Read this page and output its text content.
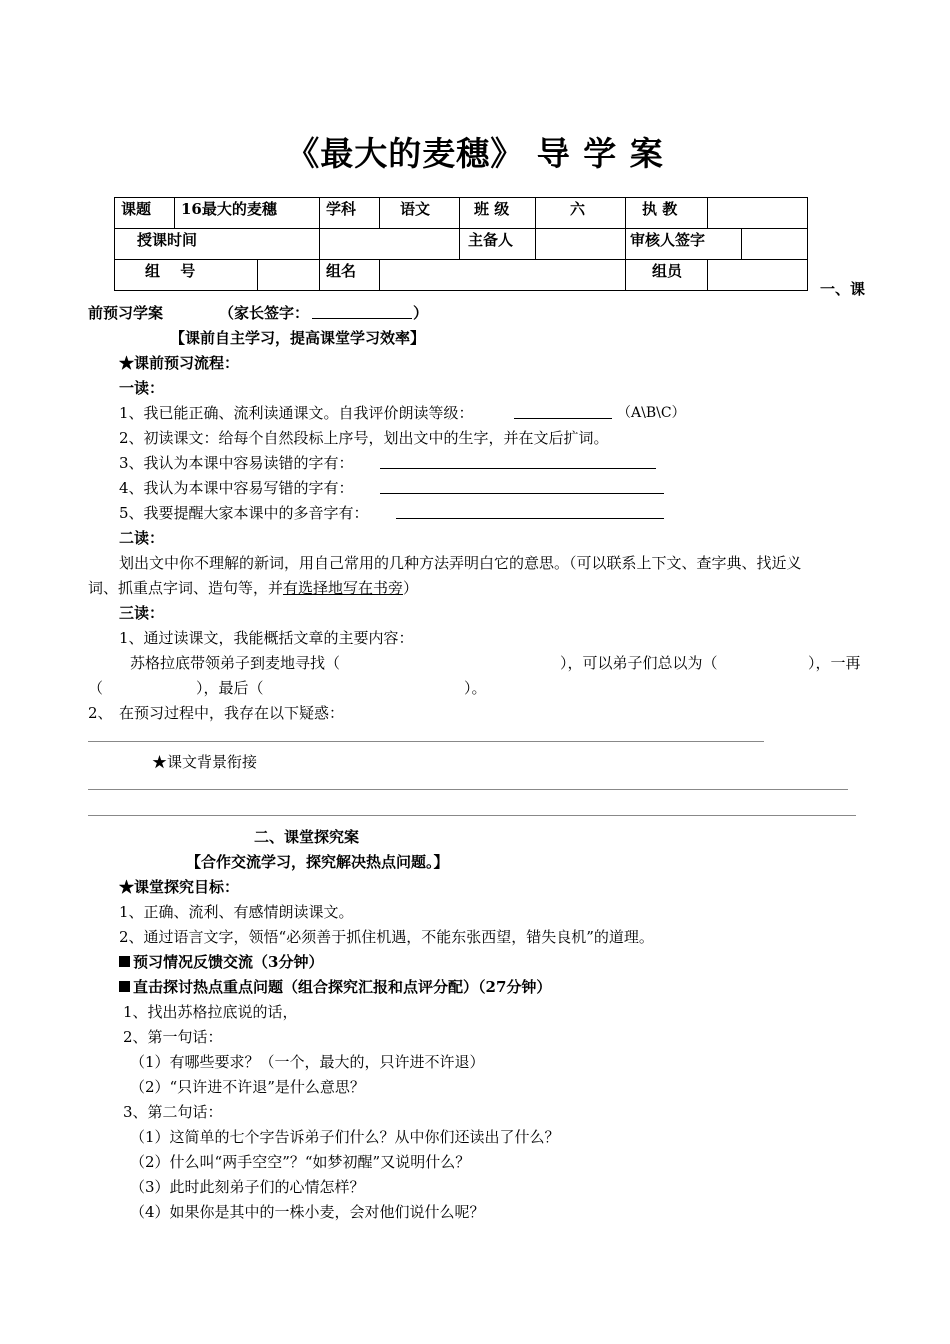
《最大的麦穗》 导 学 案
课题	16最大的麦穗	学科	语文	班 级	六	执 教	
授课时间				主备人		审核人签字	

组　 号		组名				组员	
一、课
前预习学案	（家长签字：	）
【课前自主学习，提高课堂学习效率】
★课前预习流程：
一读：
1、我已能正确、流利读通课文。自我评价朗读等级：	（A\B\C）
2、初读课文：给每个自然段标上序号，划出文中的生字，并在文后扩词。
3、我认为本课中容易读错的字有：
4、我认为本课中容易写错的字有：
5、我要提醒大家本课中的多音字有：
二读：
划出文中你不理解的新词，用自己常用的几种方法弄明白它的意思。（可以联系上下文、查字典、找近义
词、抓重点字词、造句等，并有选择地写在书旁）
三读：
1、通过读课文，我能概括文章的主要内容：
苏格拉底带领弟子到麦地寻找（	），可以弟子们总以为（	），一再
（	），最后（	）。
2、 在预习过程中，我存在以下疑惑：
★课文背景衔接
二、课堂探究案
【合作交流学习，探究解决热点问题。】
★课堂探究目标：
1、正确、流利、有感情朗读课文。
2、通过语言文字，领悟“必须善于抓住机遇，不能东张西望，错失良机”的道理。
预习情况反馈交流（3分钟）
直击探讨热点重点问题（组合探究汇报和点评分配）（27分钟）
1、找出苏格拉底说的话，
2、第一句话：
（1）有哪些要求？（一个，最大的，只许进不许退）
（2）“只许进不许退”是什么意思？
3、第二句话：
（1）这简单的七个字告诉弟子们什么？从中你们还读出了什么？
（2）什么叫“两手空空”？“如梦初醒”又说明什么？
（3）此时此刻弟子们的心情怎样？
（4）如果你是其中的一株小麦，会对他们说什么呢？
